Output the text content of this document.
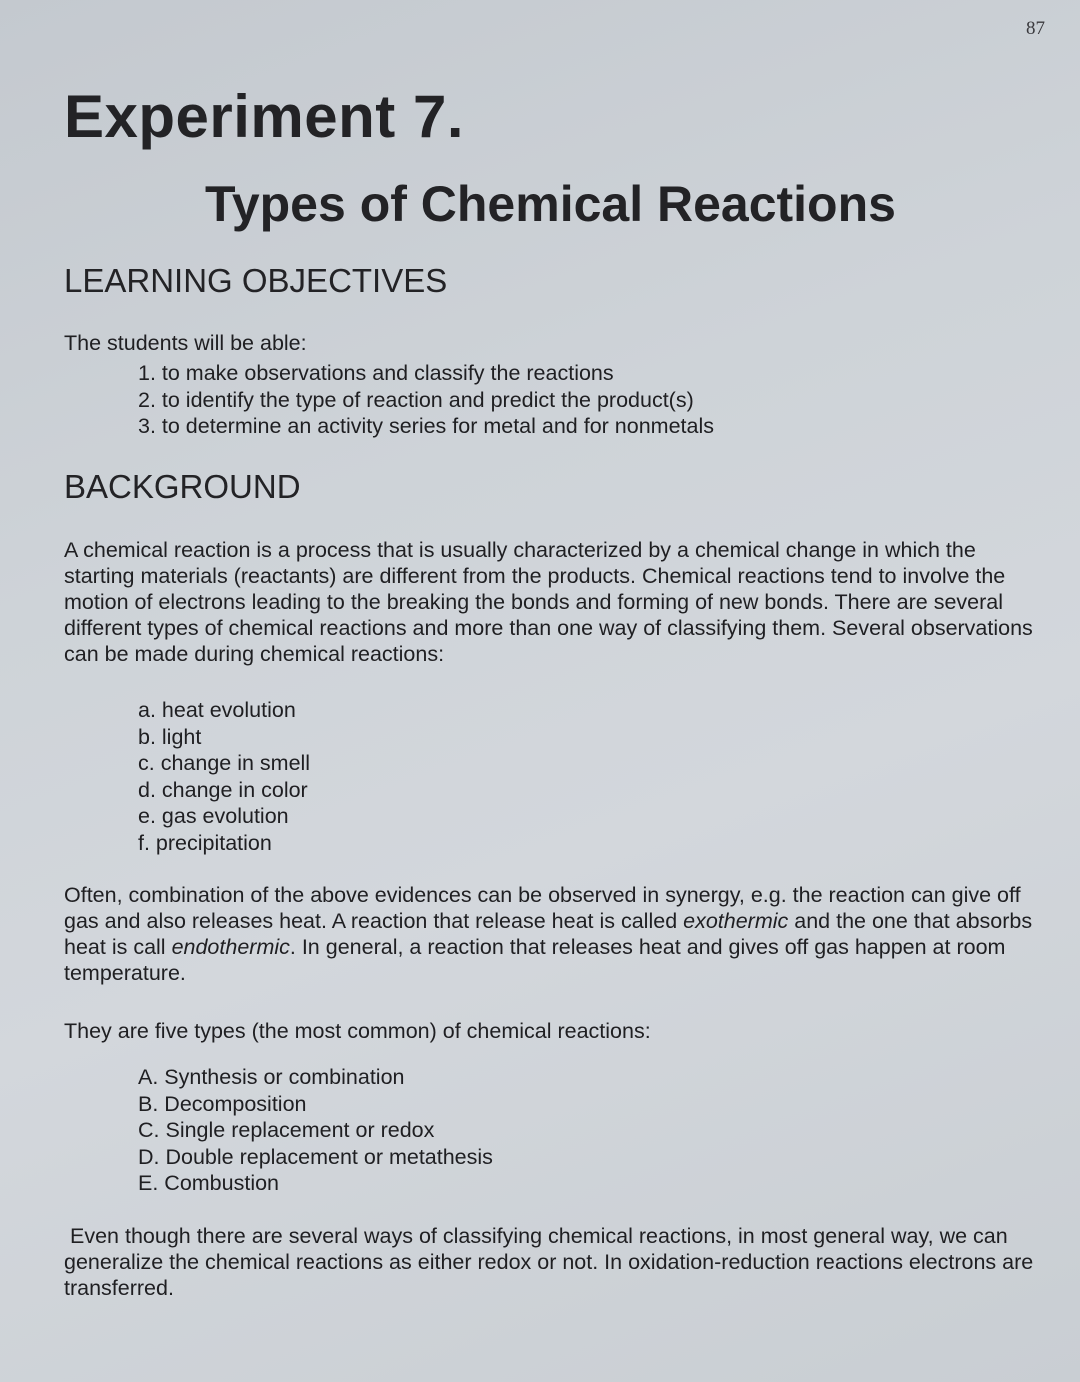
87
Experiment 7.
Types of Chemical Reactions
LEARNING OBJECTIVES

The students will be able:

1. to make observations and classify the reactions
2. to identify the type of reaction and predict the product(s)
3. to determine an activity series for metal and for nonmetals
BACKGROUND

A chemical reaction is a process that is usually characterized by a chemical change in which the starting materials (reactants) are different from the products. Chemical reactions tend to involve the motion of electrons leading to the breaking the bonds and forming of new bonds. There are several different types of chemical reactions and more than one way of classifying them. Several observations can be made during chemical reactions:

a. heat evolution
b. light
c. change in smell
d. change in color
e. gas evolution
f. precipitation

Often, combination of the above evidences can be observed in synergy, e.g. the reaction can give off gas and also releases heat. A reaction that release heat is called exothermic and the one that absorbs heat is call endothermic. In general, a reaction that releases heat and gives off gas happen at room temperature.

They are five types (the most common) of chemical reactions:

A. Synthesis or combination
B. Decomposition
C. Single replacement or redox
D. Double replacement or metathesis
E. Combustion

Even though there are several ways of classifying chemical reactions, in most general way, we can generalize the chemical reactions as either redox or not. In oxidation-reduction reactions electrons are transferred.
